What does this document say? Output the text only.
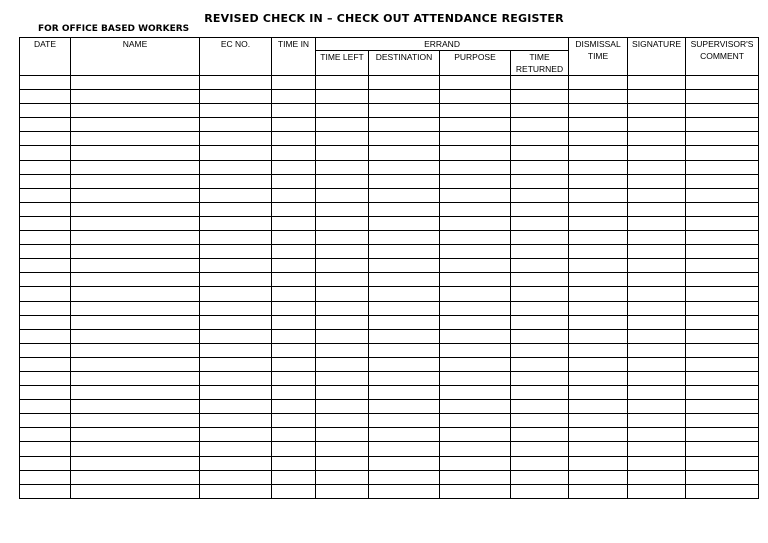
REVISED CHECK IN – CHECK OUT ATTENDANCE REGISTER
FOR OFFICE BASED WORKERS
DATE	NAME	EC NO.	TIME IN	ERRAND				DISMISSAL TIME	SIGNATURE	SUPERVISOR'S COMMENT
				TIME LEFT	DESTINATION	PURPOSE	TIME RETURNED			
